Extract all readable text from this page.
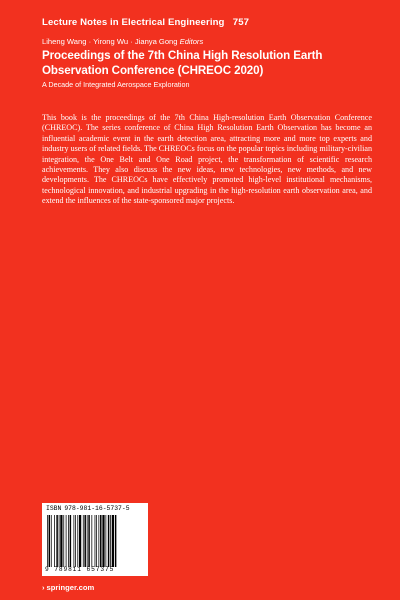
Lecture Notes in Electrical Engineering 757
Liheng Wang · Yirong Wu · Jianya Gong Editors
Proceedings of the 7th China High Resolution Earth Observation Conference (CHREOC 2020)
A Decade of Integrated Aerospace Exploration

This book is the proceedings of the 7th China High-resolution Earth Observation Conference (CHREOC). The series conference of China High Resolution Earth Observation has become an influential academic event in the earth detection area, attracting more and more top experts and industry users of related fields. The CHREOCs focus on the popular topics including military-civilian integration, the One Belt and One Road project, the transformation of scientific research achievements. They also discuss the new ideas, new technologies, new methods, and new developments. The CHREOCs have effectively promoted high-level institutional mechanisms, technological innovation, and industrial upgrading in the high-resolution earth observation area, and extend the influences of the state-sponsored major projects.

ISBN 978-981-16-5737-5
9 789811 657375
› springer.com
